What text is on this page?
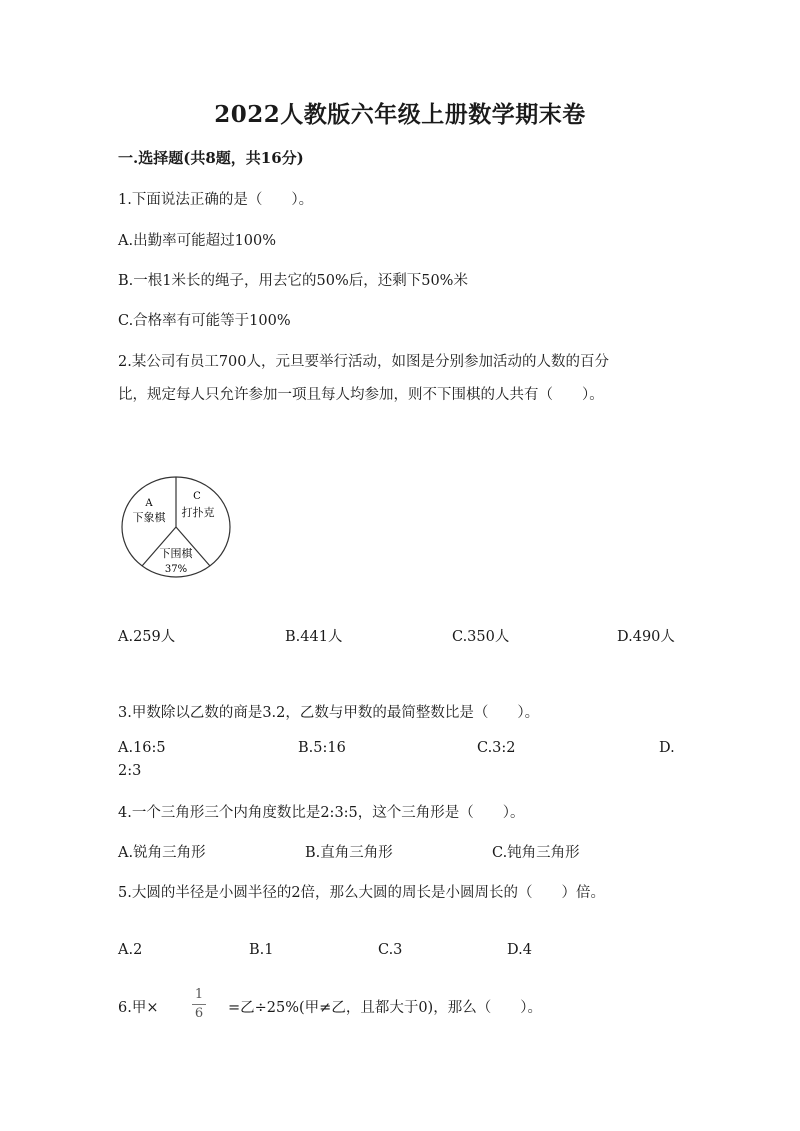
2022人教版六年级上册数学期末卷
一.选择题(共8题，共16分)
1.下面说法正确的是（　　）。
A.出勤率可能超过100%
B.一根1米长的绳子，用去它的50%后，还剩下50%米
C.合格率有可能等于100%
2.某公司有员工700人，元旦要举行活动，如图是分别参加活动的人数的百分
比，规定每人只允许参加一项且每人均参加，则不下围棋的人共有（　　）。
A
下象棋
C
打扑克
下围棋
37%
A.259人	B.441人	C.350人	D.490人
3.甲数除以乙数的商是3.2，乙数与甲数的最简整数比是（　　）。
A.16:5	B.5:16	C.3:2	D.
2:3
4.一个三角形三个内角度数比是2:3:5，这个三角形是（　　）。
A.锐角三角形	B.直角三角形	C.钝角三角形
5.大圆的半径是小圆半径的2倍，那么大圆的周长是小圆周长的（　　）倍。
A.2	B.1	C.3	D.4
6.甲×
1
6 =乙÷25%(甲≠乙，且都大于0)，那么（　　）。
